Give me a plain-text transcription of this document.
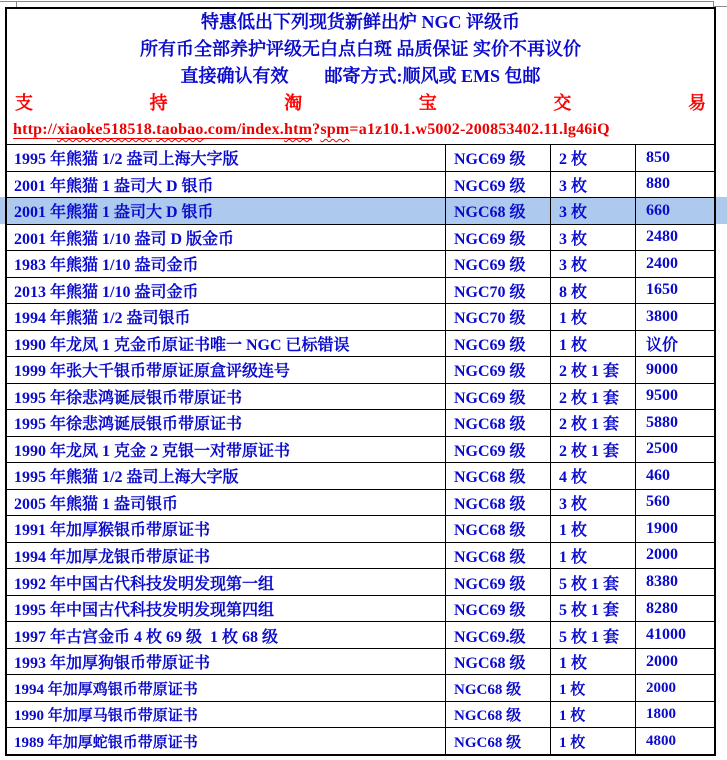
特惠低出下列现货新鲜出炉 NGC 评级币
所有币全部养护评级无白点白斑 品质保证 实价不再议价
直接确认有效　　邮寄方式:顺风或 EMS 包邮
支	持	淘	宝	交	易
http://xiaoke518518.taobao.com/index.htm?spm=a1z10.1.w5002-200853402.11.lg46iQ
1995 年熊猫 1/2 盎司上海大字版	NGC69 级	2 枚	850
2001 年熊猫 1 盎司大 D 银币	NGC69 级	3 枚	880
2001 年熊猫 1 盎司大 D 银币	NGC68 级	3 枚	660
2001 年熊猫 1/10 盎司 D 版金币	NGC69 级	3 枚	2480
1983 年熊猫 1/10 盎司金币	NGC69 级	3 枚	2400
2013 年熊猫 1/10 盎司金币	NGC70 级	8 枚	1650
1994 年熊猫 1/2 盎司银币	NGC70 级	1 枚	3800
1990 年龙凤 1 克金币原证书唯一 NGC 已标错误	NGC69 级	1 枚	议价
1999 年张大千银币带原证原盒评级连号	NGC69 级	2 枚 1 套	9000
1995 年徐悲鸿诞辰银币带原证书	NGC69 级	2 枚 1 套	9500
1995 年徐悲鸿诞辰银币带原证书	NGC68 级	2 枚 1 套	5880
1990 年龙凤 1 克金 2 克银一对带原证书	NGC69 级	2 枚 1 套	2500
1995 年熊猫 1/2 盎司上海大字版	NGC68 级	4 枚	460
2005 年熊猫 1 盎司银币	NGC68 级	3 枚	560
1991 年加厚猴银币带原证书	NGC68 级	1 枚	1900
1994 年加厚龙银币带原证书	NGC68 级	1 枚	2000
1992 年中国古代科技发明发现第一组	NGC69 级	5 枚 1 套	8380
1995 年中国古代科技发明发现第四组	NGC69 级	5 枚 1 套	8280
1997 年古宫金币 4 枚 69 级  1 枚 68 级	NGC69.级	5 枚 1 套	41000
1993 年加厚狗银币带原证书	NGC68 级	1 枚	2000
1994 年加厚鸡银币带原证书	NGC68 级	1 枚	2000
1990 年加厚马银币带原证书	NGC68 级	1 枚	1800
1989 年加厚蛇银币带原证书	NGC68 级	1 枚	4800
